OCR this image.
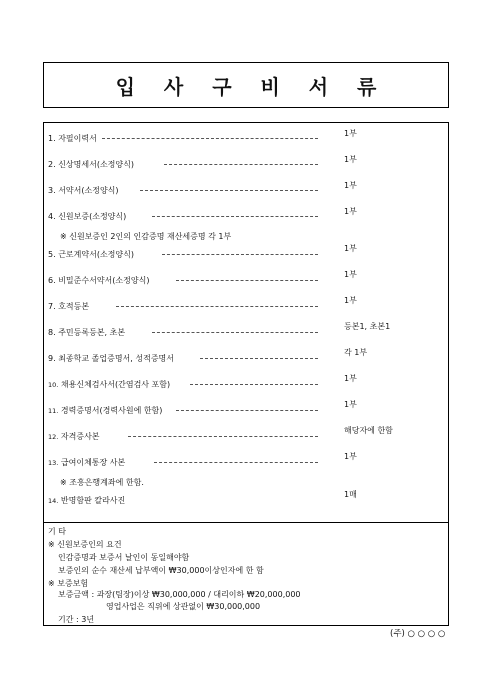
입 사 구 비 서 류
1. 자필이력서
1부
2. 신상명세서(소정양식)
1부
3. 서약서(소정양식)
1부
4. 신원보증(소정양식)
1부
※ 신원보증인 2인의 인감증명 재산세증명 각 1부
5. 근로계약서(소정양식)
1부
6. 비밀준수서약서(소정양식)
1부
7. 호적등본
1부
8. 주민등록등본, 초본
등본1, 초본1
9. 최종학교 졸업증명서, 성적증명서
각 1부
10. 채용신체검사서(간염검사 포함)
1부
11. 경력증명서(경력사원에 한함)
1부
12. 자격증사본
해당자에 한함
13. 급여이체통장 사본
1부
※ 조흥은행계좌에 한함.
14. 반명함판 칼라사진
1매
기 타
※ 신원보증인의 요건
인감증명과 보증서 날인이 동일해야함
보증인의 순수 재산세 납부액이 ₩30,000이상인자에 한 함
※ 보증보험
보증금액 : 과장(팀장)이상 ₩30,000,000 / 대리이하 ₩20,000,000
영업사업은 직위에 상관없이 ₩30,000,000
기간 : 3년
(주) ○ ○ ○ ○
